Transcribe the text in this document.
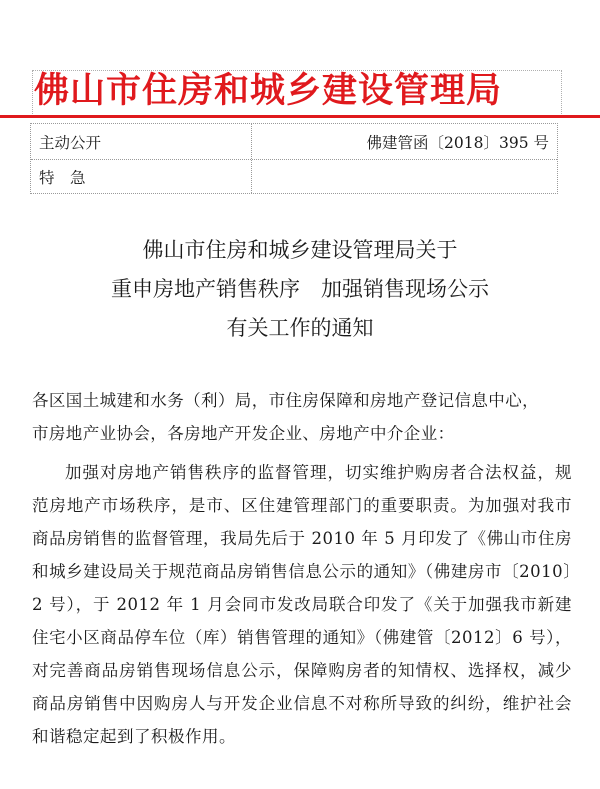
佛山市住房和城乡建设管理局
主动公开	佛建管函〔2018〕395 号
特　急
佛山市住房和城乡建设管理局关于
重申房地产销售秩序　加强销售现场公示
有关工作的通知
各区国土城建和水务（利）局，市住房保障和房地产登记信息中心，
市房地产业协会，各房地产开发企业、房地产中介企业：
加强对房地产销售秩序的监督管理，切实维护购房者合法权益，规范房地产市场秩序，是市、区住建管理部门的重要职责。为加强对我市商品房销售的监督管理，我局先后于 2010 年 5 月印发了《佛山市住房和城乡建设局关于规范商品房销售信息公示的通知》（佛建房市〔2010〕2 号），于 2012 年 1 月会同市发改局联合印发了《关于加强我市新建住宅小区商品停车位（库）销售管理的通知》（佛建管〔2012〕6 号），对完善商品房销售现场信息公示，保障购房者的知情权、选择权，减少商品房销售中因购房人与开发企业信息不对称所导致的纠纷，维护社会和谐稳定起到了积极作用。
